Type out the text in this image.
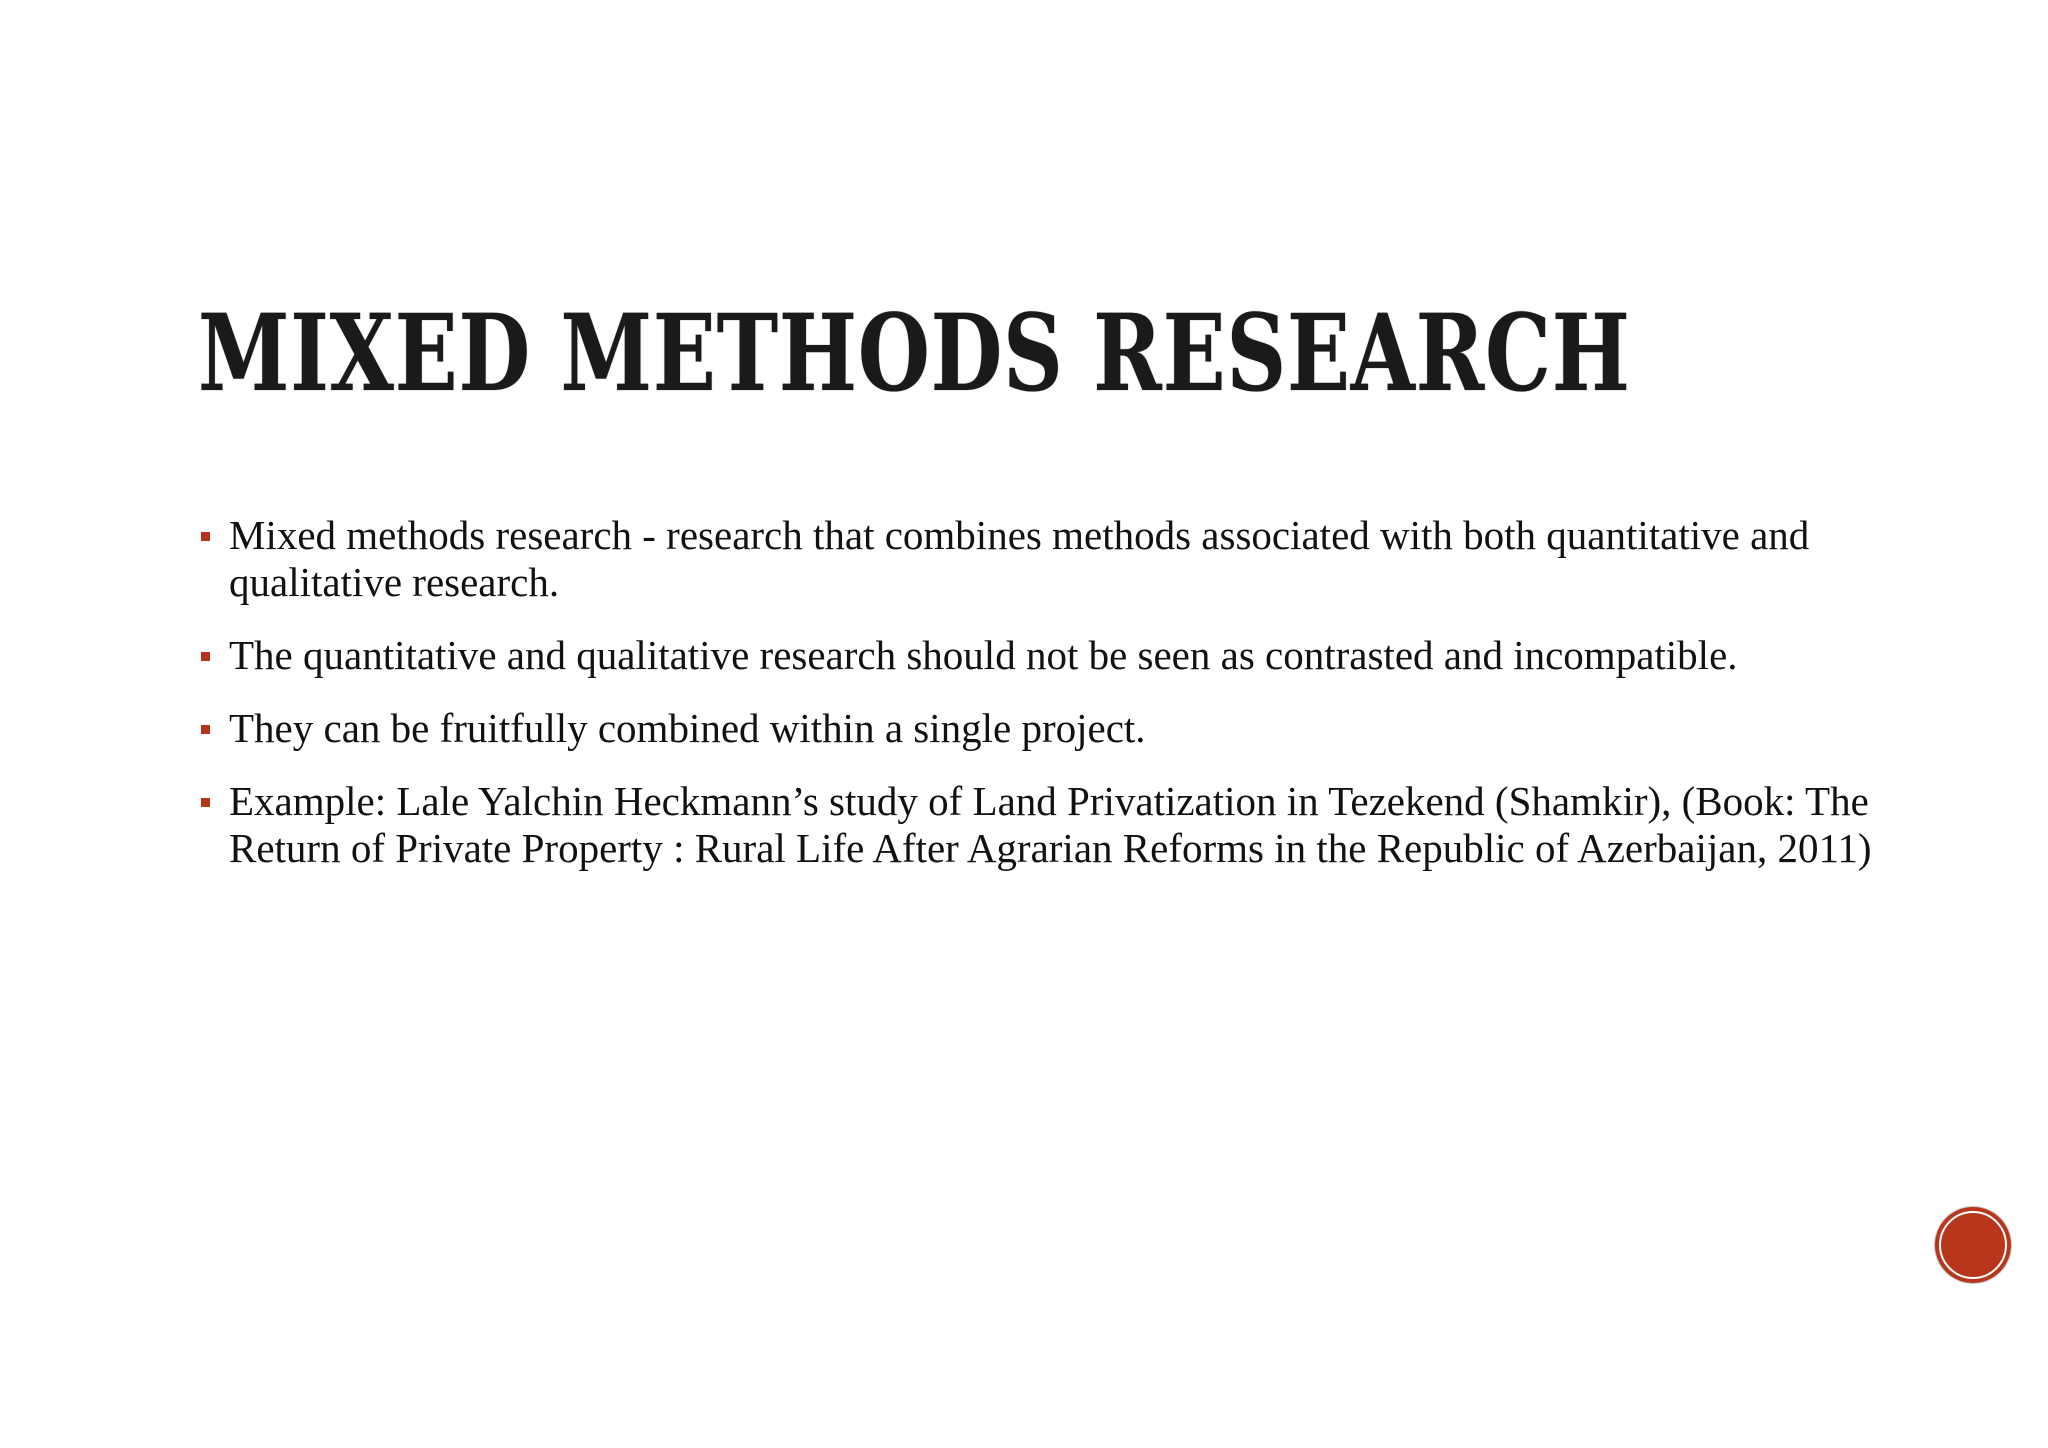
MIXED METHODS RESEARCH
Mixed methods research - research that combines methods associated with both quantitative and qualitative research.
The quantitative and qualitative research should not be seen as contrasted and incompatible.
They can be fruitfully combined within a single project.
Example: Lale Yalchin Heckmann’s study of Land Privatization in Tezekend (Shamkir), (Book: The Return of Private Property : Rural Life After Agrarian Reforms in the Republic of Azerbaijan, 2011)
